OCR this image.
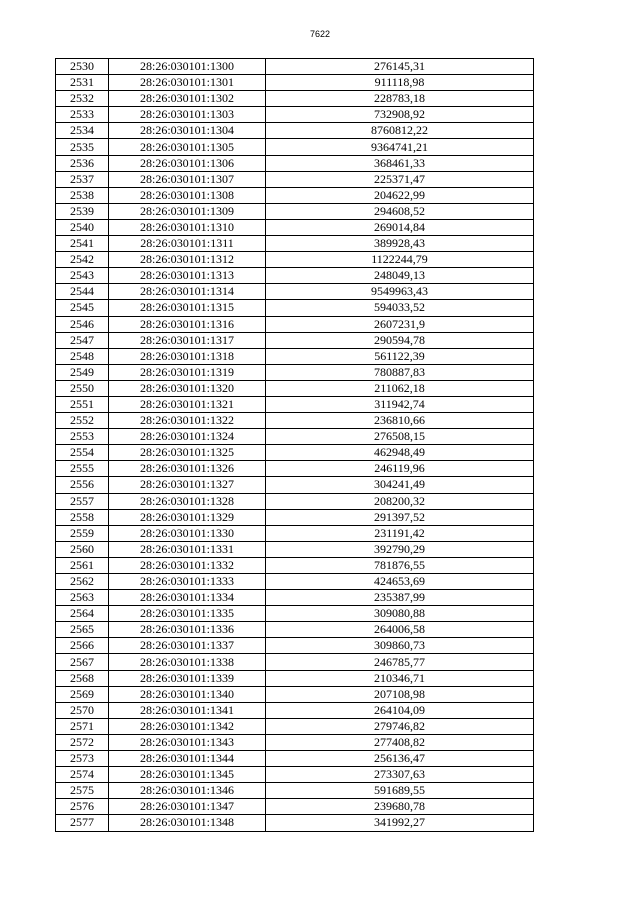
7622
2530	28:26:030101:1300	276145,31
2531	28:26:030101:1301	911118,98
2532	28:26:030101:1302	228783,18
2533	28:26:030101:1303	732908,92
2534	28:26:030101:1304	8760812,22
2535	28:26:030101:1305	9364741,21
2536	28:26:030101:1306	368461,33
2537	28:26:030101:1307	225371,47
2538	28:26:030101:1308	204622,99
2539	28:26:030101:1309	294608,52
2540	28:26:030101:1310	269014,84
2541	28:26:030101:1311	389928,43
2542	28:26:030101:1312	1122244,79
2543	28:26:030101:1313	248049,13
2544	28:26:030101:1314	9549963,43
2545	28:26:030101:1315	594033,52
2546	28:26:030101:1316	2607231,9
2547	28:26:030101:1317	290594,78
2548	28:26:030101:1318	561122,39
2549	28:26:030101:1319	780887,83
2550	28:26:030101:1320	211062,18
2551	28:26:030101:1321	311942,74
2552	28:26:030101:1322	236810,66
2553	28:26:030101:1324	276508,15
2554	28:26:030101:1325	462948,49
2555	28:26:030101:1326	246119,96
2556	28:26:030101:1327	304241,49
2557	28:26:030101:1328	208200,32
2558	28:26:030101:1329	291397,52
2559	28:26:030101:1330	231191,42
2560	28:26:030101:1331	392790,29
2561	28:26:030101:1332	781876,55
2562	28:26:030101:1333	424653,69
2563	28:26:030101:1334	235387,99
2564	28:26:030101:1335	309080,88
2565	28:26:030101:1336	264006,58
2566	28:26:030101:1337	309860,73
2567	28:26:030101:1338	246785,77
2568	28:26:030101:1339	210346,71
2569	28:26:030101:1340	207108,98
2570	28:26:030101:1341	264104,09
2571	28:26:030101:1342	279746,82
2572	28:26:030101:1343	277408,82
2573	28:26:030101:1344	256136,47
2574	28:26:030101:1345	273307,63
2575	28:26:030101:1346	591689,55
2576	28:26:030101:1347	239680,78
2577	28:26:030101:1348	341992,27
